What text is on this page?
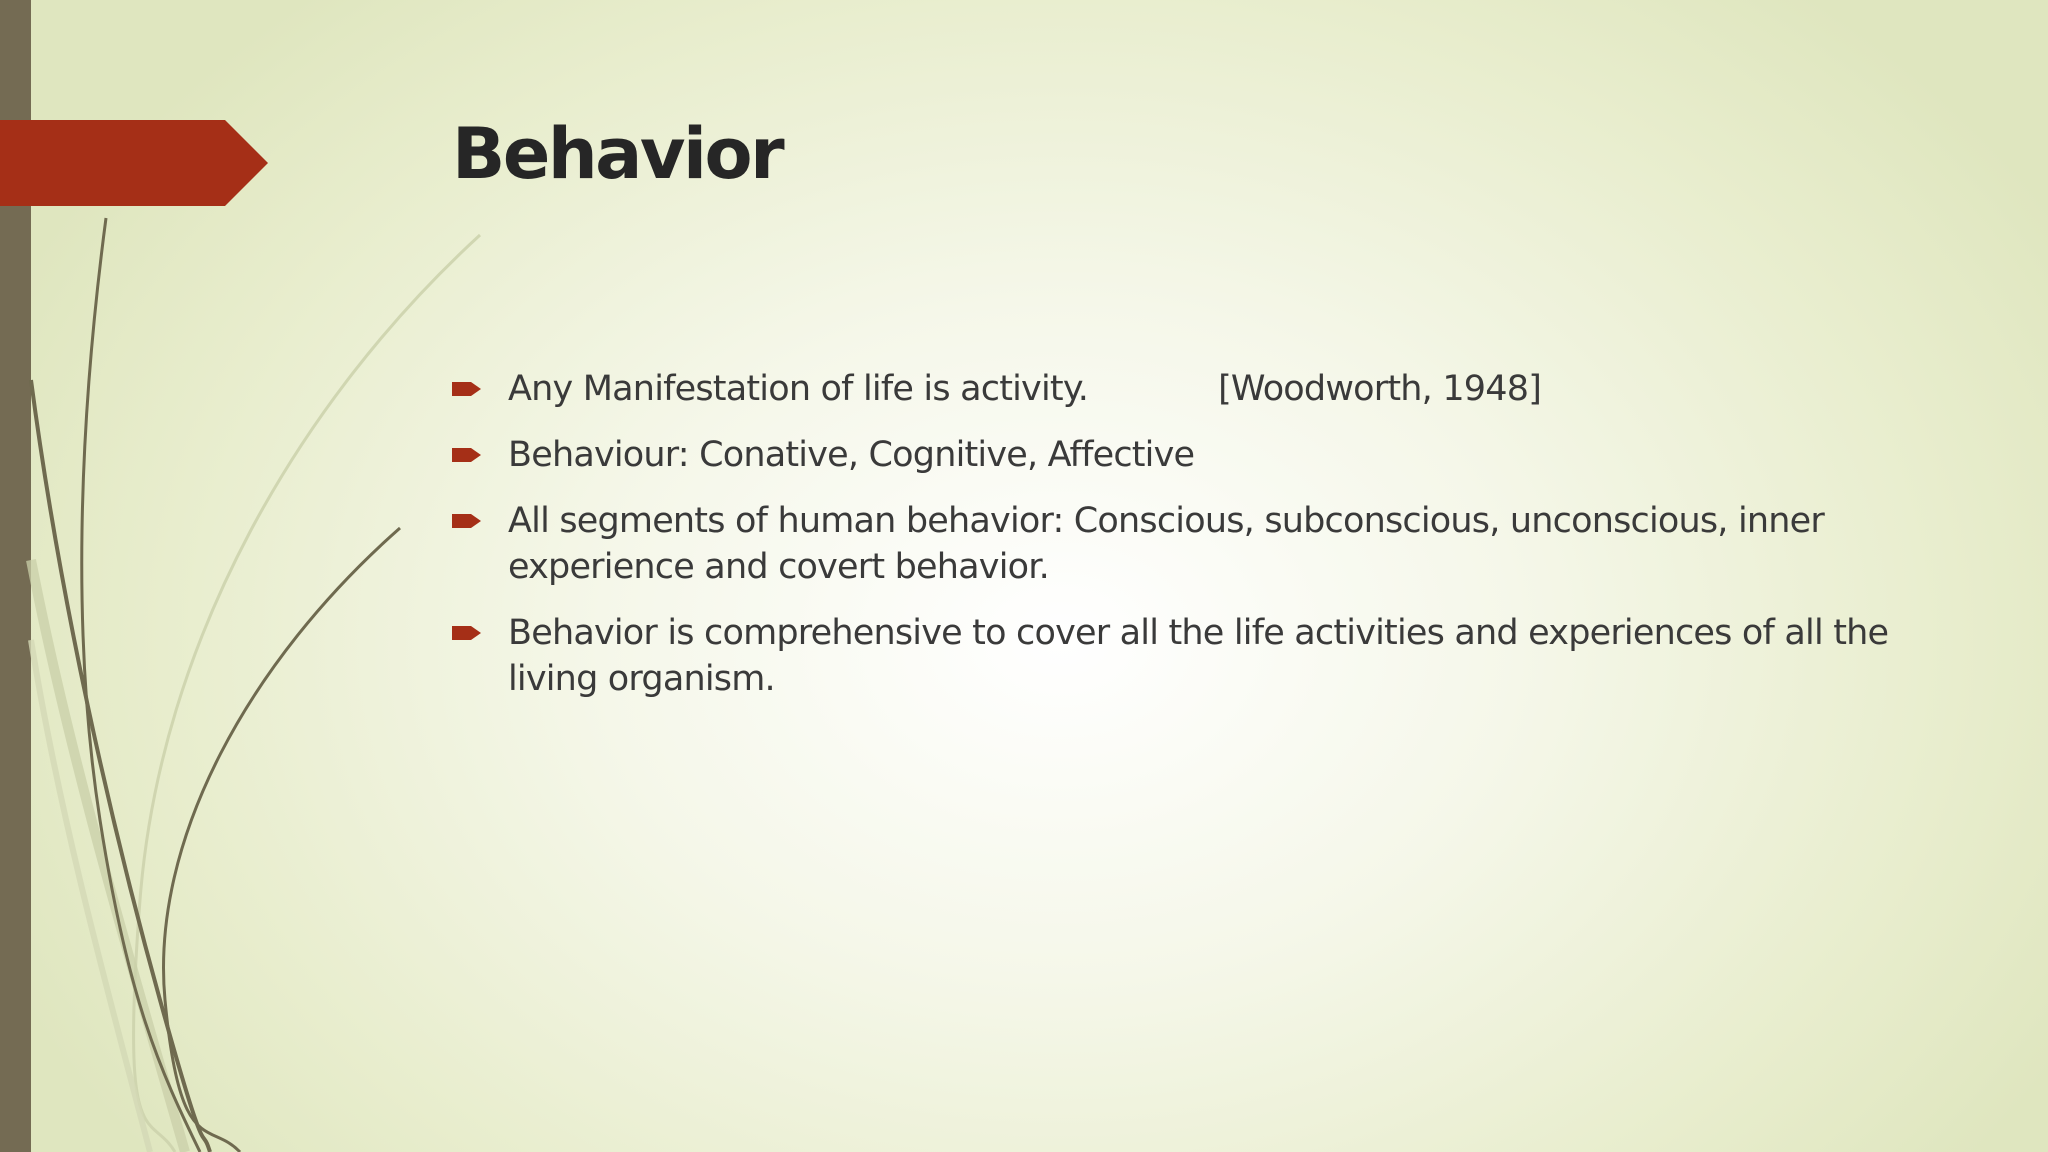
Behavior
Any Manifestation of life is activity.	[Woodworth, 1948]
Behaviour: Conative, Cognitive, Affective
All segments of human behavior: Conscious, subconscious, unconscious, inner experience and covert behavior.
Behavior is comprehensive to cover all the life activities and experiences of all the living organism.
